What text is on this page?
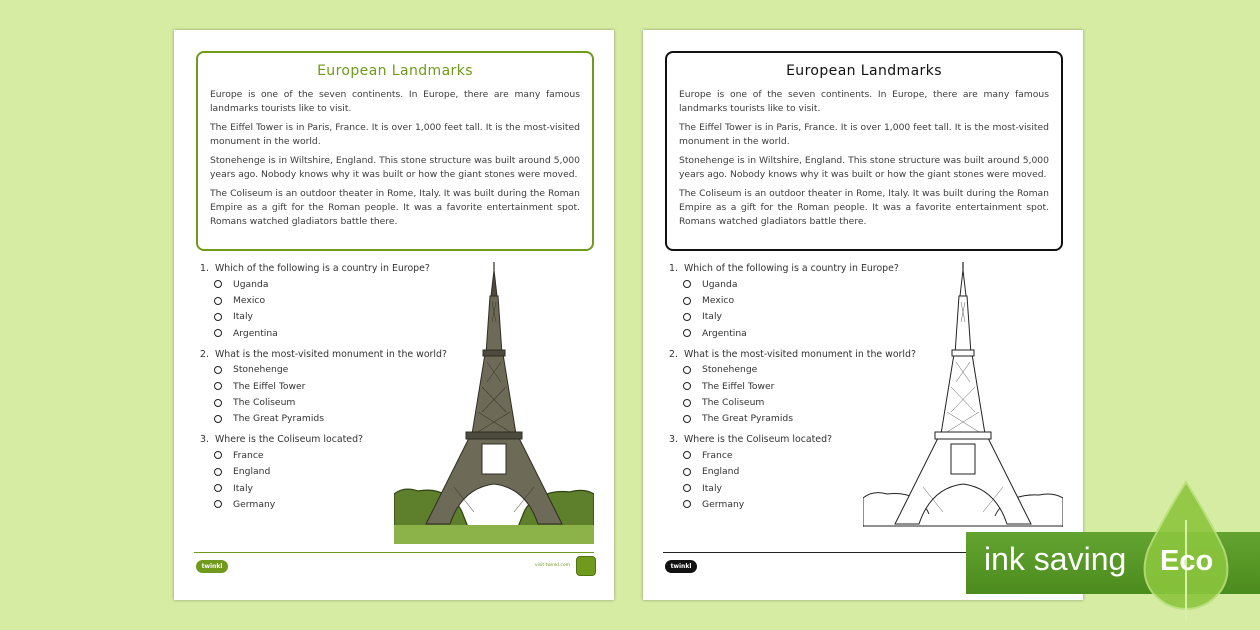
European Landmarks

Europe is one of the seven continents. In Europe, there are many famous landmarks tourists like to visit.

The Eiffel Tower is in Paris, France. It is over 1,000 feet tall. It is the most-visited monument in the world.

Stonehenge is in Wiltshire, England. This stone structure was built around 5,000 years ago. Nobody knows why it was built or how the giant stones were moved.

The Coliseum is an outdoor theater in Rome, Italy. It was built during the Roman Empire as a gift for the Roman people. It was a favorite entertainment spot. Romans watched gladiators battle there.

1. Which of the following is a country in Europe?
Uganda
Mexico
Italy
Argentina
2. What is the most-visited monument in the world?
Stonehenge
The Eiffel Tower
The Coliseum
The Great Pyramids
3. Where is the Coliseum located?
France
England
Italy
Germany
twinkl	visit twinkl.com
European Landmarks

Europe is one of the seven continents. In Europe, there are many famous landmarks tourists like to visit.

The Eiffel Tower is in Paris, France. It is over 1,000 feet tall. It is the most-visited monument in the world.

Stonehenge is in Wiltshire, England. This stone structure was built around 5,000 years ago. Nobody knows why it was built or how the giant stones were moved.

The Coliseum is an outdoor theater in Rome, Italy. It was built during the Roman Empire as a gift for the Roman people. It was a favorite entertainment spot. Romans watched gladiators battle there.

1. Which of the following is a country in Europe?
Uganda
Mexico
Italy
Argentina
2. What is the most-visited monument in the world?
Stonehenge
The Eiffel Tower
The Coliseum
The Great Pyramids
3. Where is the Coliseum located?
France
England
Italy
Germany
twinkl	ink saving Eco
